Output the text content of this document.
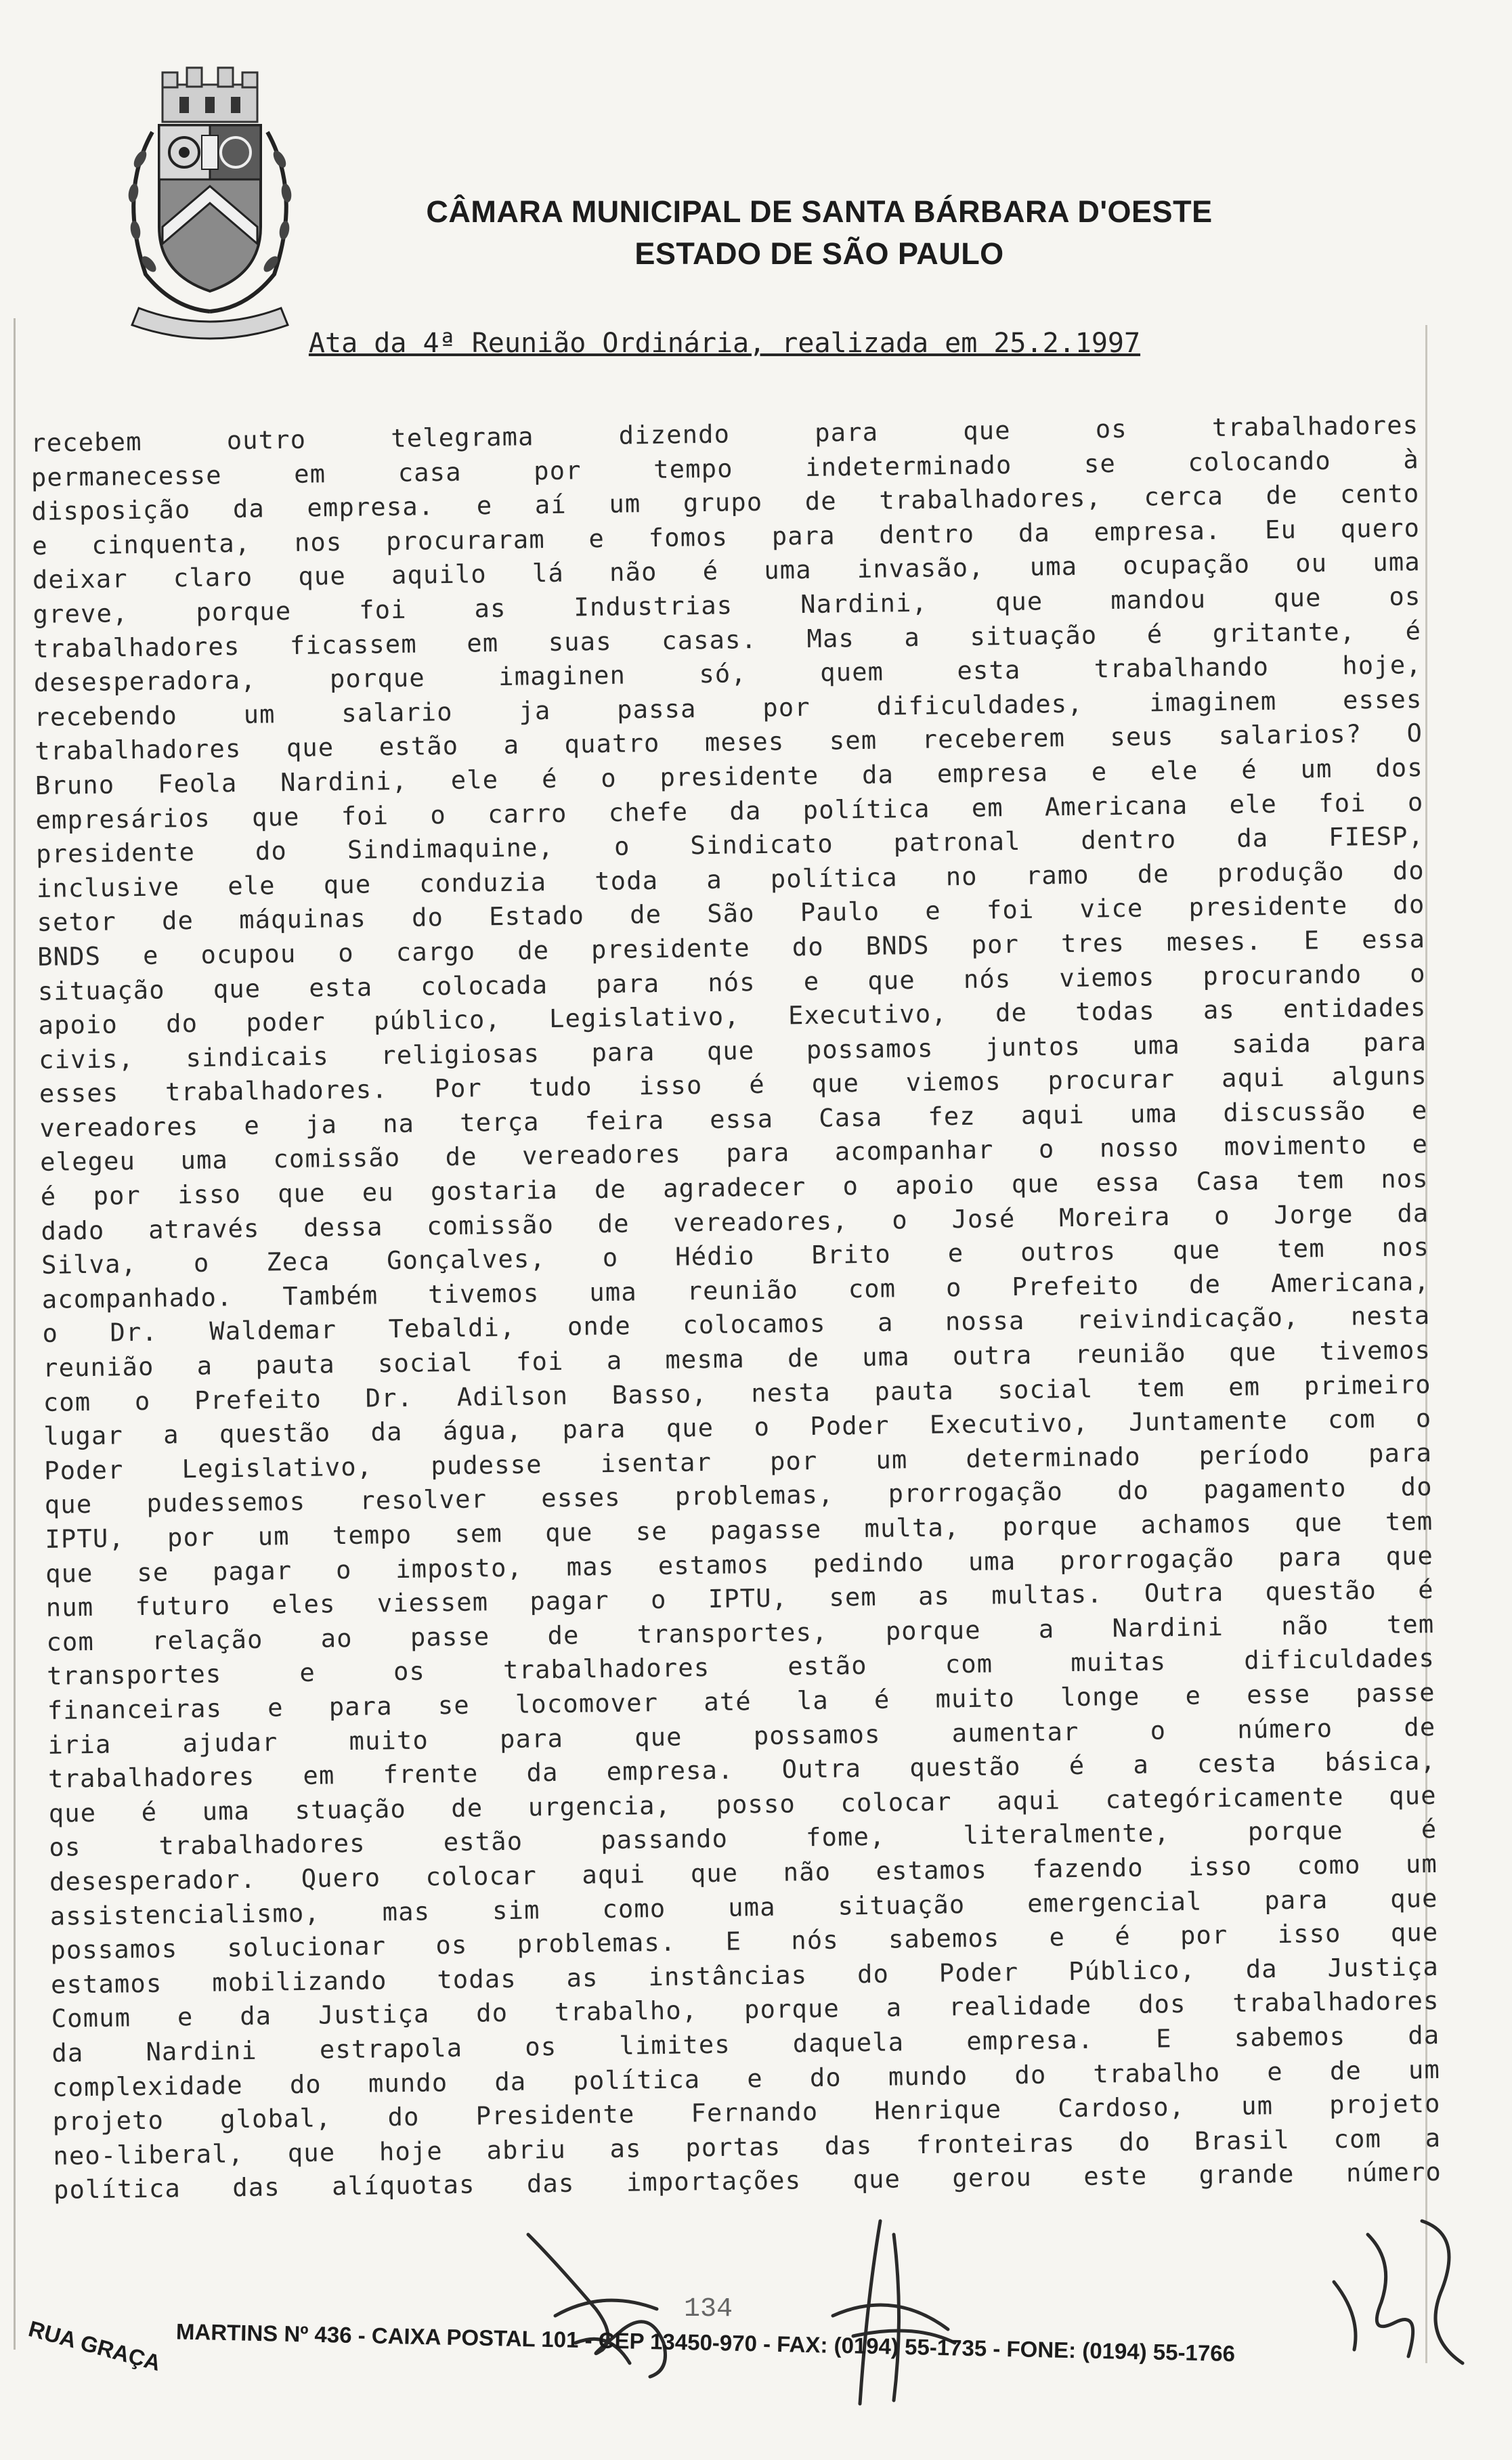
CÂMARA MUNICIPAL DE SANTA BÁRBARA D'OESTE
ESTADO DE SÃO PAULO
Ata da 4ª Reunião Ordinária, realizada em 25.2.1997
recebem outro telegrama dizendo para que os trabalhadores
permanecesse em casa por tempo indeterminado se colocando à
disposição da empresa. e aí um grupo de trabalhadores, cerca de cento
e cinquenta, nos procuraram e fomos para dentro da empresa. Eu quero
deixar claro que aquilo lá não é uma invasão, uma ocupação ou uma
greve, porque foi as Industrias Nardini, que mandou que os
trabalhadores ficassem em suas casas. Mas a situação é gritante, é
desesperadora, porque imaginen só, quem esta trabalhando hoje,
recebendo um salario ja passa por dificuldades, imaginem esses
trabalhadores que estão a quatro meses sem receberem seus salarios? O
Bruno Feola Nardini, ele é o presidente da empresa e ele é um dos
empresários que foi o carro chefe da política em Americana ele foi o
presidente do Sindimaquine, o Sindicato patronal dentro da FIESP,
inclusive ele que conduzia toda a política no ramo de produção do
setor de máquinas do Estado de São Paulo e foi vice presidente do
BNDS e ocupou o cargo de presidente do BNDS por tres meses. E essa
situação que esta colocada para nós e que nós viemos procurando o
apoio do poder público, Legislativo, Executivo, de todas as entidades
civis, sindicais religiosas para que possamos juntos uma saida para
esses trabalhadores. Por tudo isso é que viemos procurar aqui alguns
vereadores e ja na terça feira essa Casa fez aqui uma discussão e
elegeu uma comissão de vereadores para acompanhar o nosso movimento e
é por isso que eu gostaria de agradecer o apoio que essa Casa tem nos
dado através dessa comissão de vereadores, o José Moreira o Jorge da
Silva, o Zeca Gonçalves, o Hédio Brito e outros que tem nos
acompanhado. Também tivemos uma reunião com o Prefeito de Americana,
o Dr. Waldemar Tebaldi, onde colocamos a nossa reivindicação, nesta
reunião a pauta social foi a mesma de uma outra reunião que tivemos
com o Prefeito Dr. Adilson Basso, nesta pauta social tem em primeiro
lugar a questão da água, para que o Poder Executivo, Juntamente com o
Poder Legislativo, pudesse isentar por um determinado período para
que pudessemos resolver esses problemas, prorrogação do pagamento do
IPTU, por um tempo sem que se pagasse multa, porque achamos que tem
que se pagar o imposto, mas estamos pedindo uma prorrogação para que
num futuro eles viessem pagar o IPTU, sem as multas. Outra questão é
com relação ao passe de transportes, porque a Nardini não tem
transportes e os trabalhadores estão com muitas dificuldades
financeiras e para se locomover até la é muito longe e esse passe
iria ajudar muito para que possamos aumentar o número de
trabalhadores em frente da empresa. Outra questão é a cesta básica,
que é uma stuação de urgencia, posso colocar aqui categóricamente que
os trabalhadores estão passando fome, literalmente, porque é
desesperador. Quero colocar aqui que não estamos fazendo isso como um
assistencialismo, mas sim como uma situação emergencial para que
possamos solucionar os problemas. E nós sabemos e é por isso que
estamos mobilizando todas as instâncias do Poder Público, da Justiça
Comum e da Justiça do trabalho, porque a realidade dos trabalhadores
da Nardini estrapola os limites daquela empresa. E sabemos da
complexidade do mundo da política e do mundo do trabalho e de um
projeto global, do Presidente Fernando Henrique Cardoso, um projeto
neo-liberal, que hoje abriu as portas das fronteiras do Brasil com a
política das alíquotas das importações que gerou este grande número
134
RUA GRAÇA MARTINS Nº 436 - CAIXA POSTAL 101 - CEP 13450-970 - FAX: (0194) 55-1735 - FONE: (0194) 55-1766
